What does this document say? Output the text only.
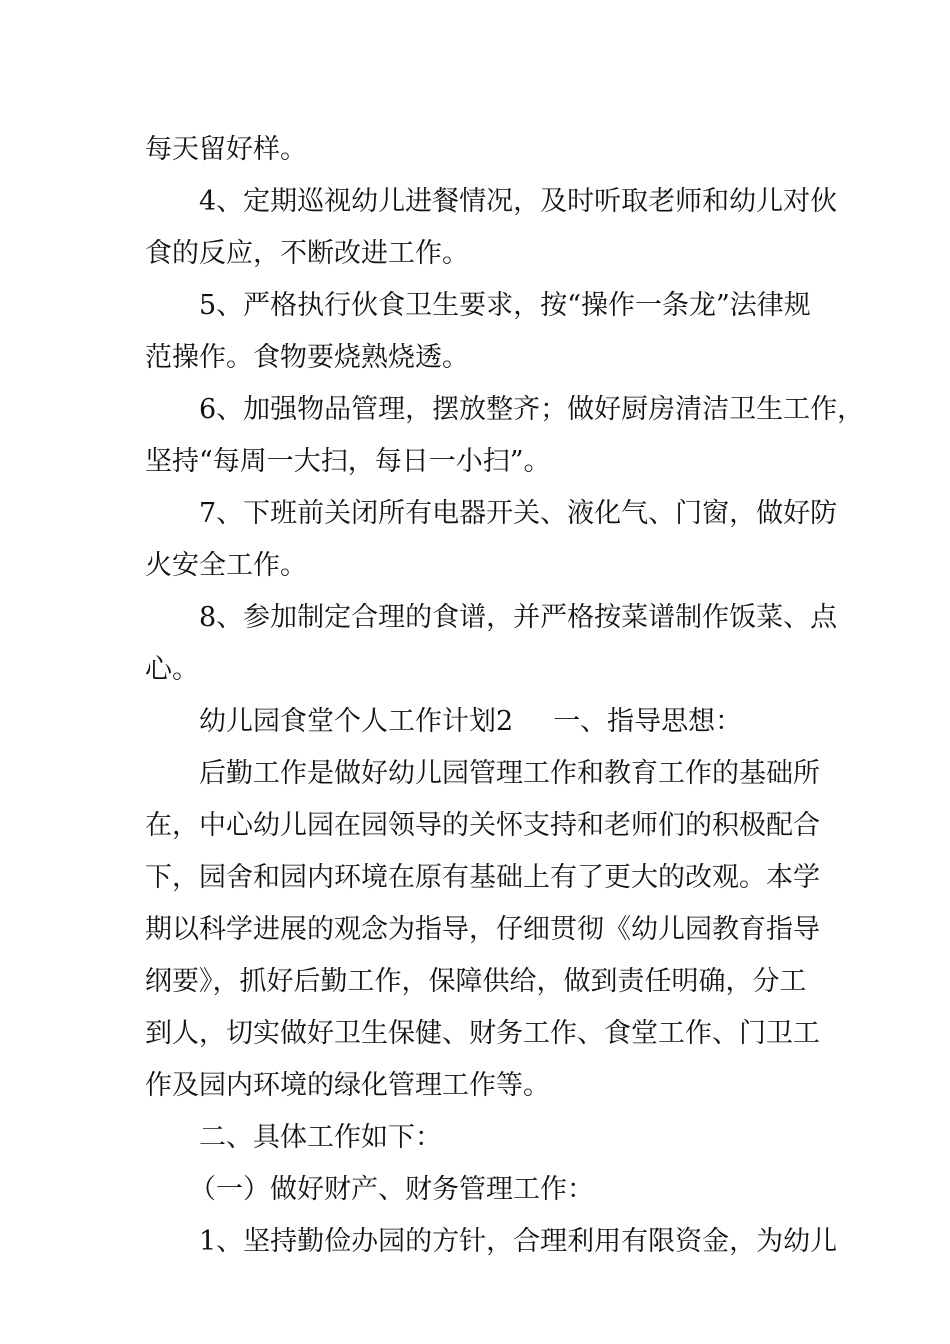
每天留好样。
4、定期巡视幼儿进餐情况，及时听取老师和幼儿对伙
食的反应，不断改进工作。
5、严格执行伙食卫生要求，按“操作一条龙”法律规
范操作。食物要烧熟烧透。
6、加强物品管理，摆放整齐；做好厨房清洁卫生工作，
坚持“每周一大扫，每日一小扫”。
7、下班前关闭所有电器开关、液化气、门窗，做好防
火安全工作。
8、参加制定合理的食谱，并严格按菜谱制作饭菜、点
心。
幼儿园食堂个人工作计划2 一、指导思想：
后勤工作是做好幼儿园管理工作和教育工作的基础所
在，中心幼儿园在园领导的关怀支持和老师们的积极配合
下，园舍和园内环境在原有基础上有了更大的改观。本学
期以科学进展的观念为指导，仔细贯彻《幼儿园教育指导
纲要》，抓好后勤工作，保障供给，做到责任明确，分工
到人，切实做好卫生保健、财务工作、食堂工作、门卫工
作及园内环境的绿化管理工作等。
二、具体工作如下：
（一）做好财产、财务管理工作：
1、坚持勤俭办园的方针，合理利用有限资金，为幼儿
